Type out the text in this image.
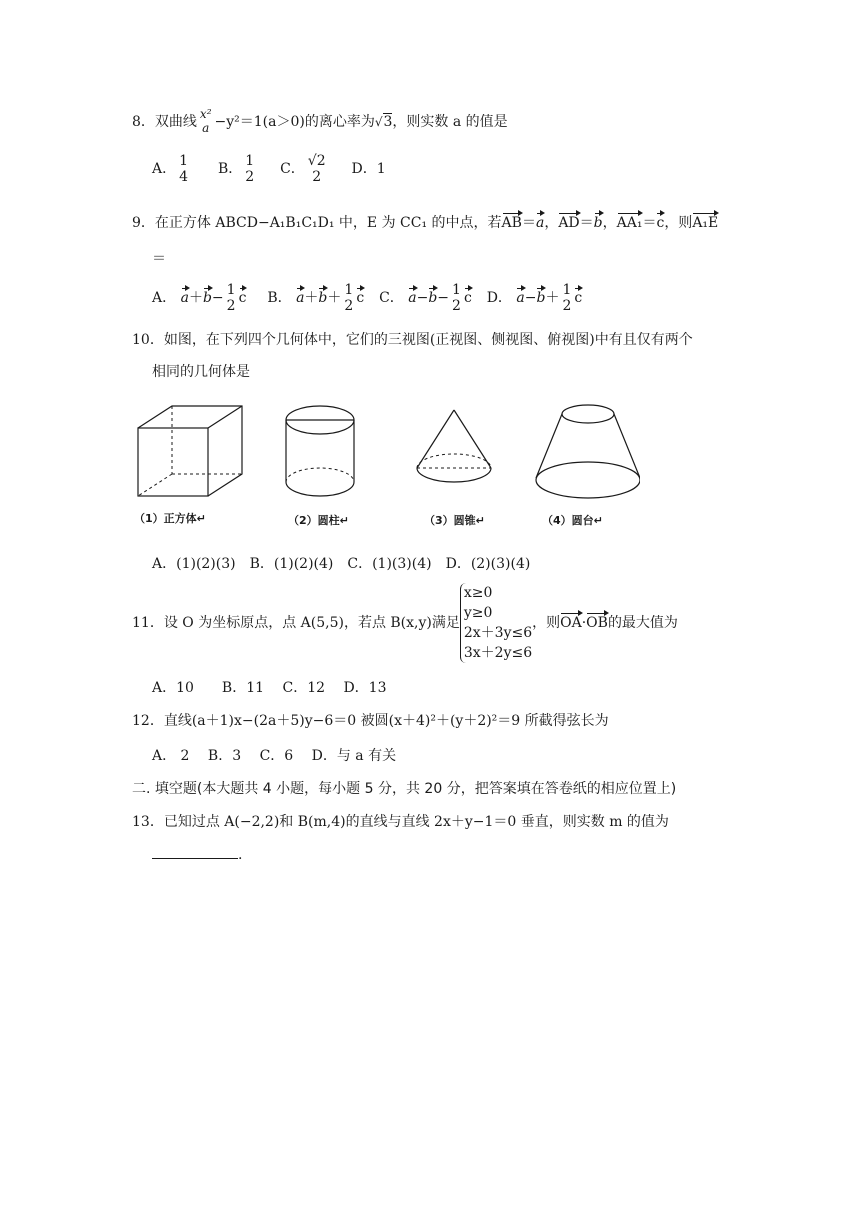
8．双曲线 x²
a −y²＝1(a＞0)的离心率为√3，则实数 a 的值是
A．
1
4 B．
1
2 C．
√2
2	D．1
9．在正方体 ABCD−A₁B₁C₁D₁ 中，E 为 CC₁ 的中点，若AB＝a，AD＝b，AA₁＝c，则A₁E
＝
A． a＋b−
1
2 c B． a＋b＋
1
2 c C． a−b−
1
2 c D． a−b＋
1
2 c
10．如图，在下列四个几何体中，它们的三视图(正视图、侧视图、俯视图)中有且仅有两个
相同的几何体是
（1）正方体↵	（2）圆柱↵	（3）圆锥↵	（4）圆台↵
A．(1)(2)(3)　B．(1)(2)(4)　C．(1)(3)(4)　D．(2)(3)(4)
11．设 O 为坐标原点，点 A(5,5)，若点 B(x,y)满足
x≥0
y≥0
2x＋3y≤6
3x＋2y≤6
，则OA·OB的最大值为
A．10　　B．11　 C．12　 D．13
12．直线(a＋1)x−(2a＋5)y−6＝0 被圆(x＋4)²＋(y＋2)²＝9 所截得弦长为
A． 2　 B．3　 C．6　 D．与 a 有关
二. 填空题(本大题共 4 小题，每小题 5 分，共 20 分，把答案填在答卷纸的相应位置上)
13．已知过点 A(−2,2)和 B(m,4)的直线与直线 2x＋y−1＝0 垂直，则实数 m 的值为
.
